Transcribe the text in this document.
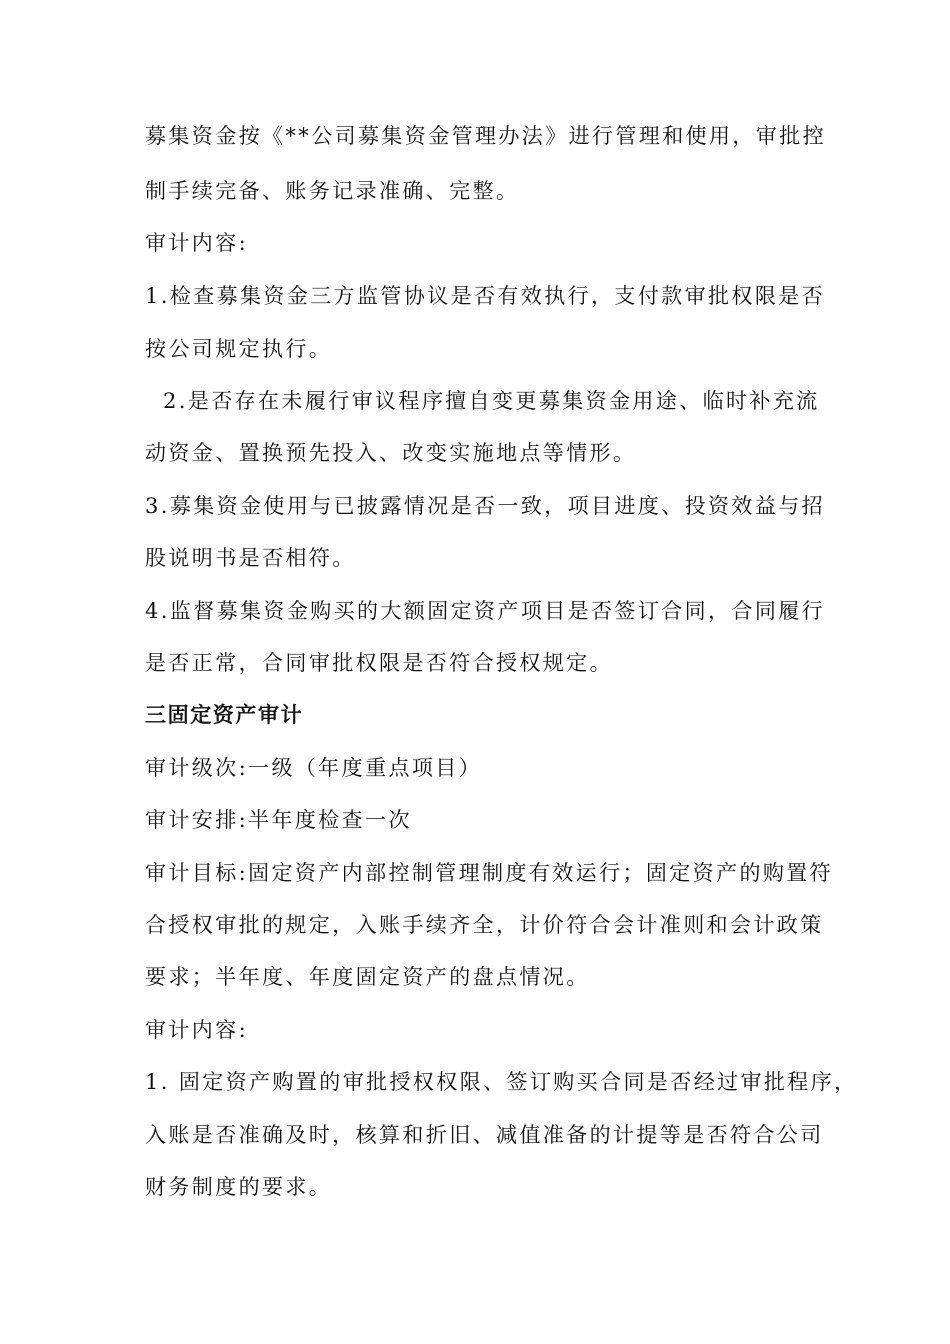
募集资金按《**公司募集资金管理办法》进行管理和使用，审批控
制手续完备、账务记录准确、完整。
审计内容:
1.检查募集资金三方监管协议是否有效执行，支付款审批权限是否
按公司规定执行。
2.是否存在未履行审议程序擅自变更募集资金用途、临时补充流
动资金、置换预先投入、改变实施地点等情形。
3.募集资金使用与已披露情况是否一致，项目进度、投资效益与招
股说明书是否相符。
4.监督募集资金购买的大额固定资产项目是否签订合同，合同履行
是否正常，合同审批权限是否符合授权规定。
三固定资产审计
审计级次:一级（年度重点项目）
审计安排:半年度检查一次
审计目标:固定资产内部控制管理制度有效运行；固定资产的购置符
合授权审批的规定，入账手续齐全，计价符合会计准则和会计政策
要求；半年度、年度固定资产的盘点情况。
审计内容:
1. 固定资产购置的审批授权权限、签订购买合同是否经过审批程序，
入账是否准确及时，核算和折旧、减值准备的计提等是否符合公司
财务制度的要求。
